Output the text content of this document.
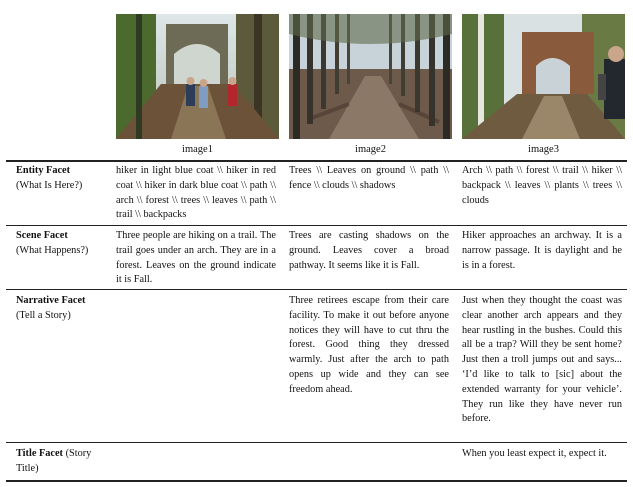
image1	image2	image3
Entity Facet
(What Is Here?)
hiker in light blue coat \\ hiker in red coat \\ hiker in dark blue coat \\ path \\ arch \\ forest \\ trees \\ leaves \\ path \\ trail \\ backpacks
Trees \\ Leaves on ground \\ path \\ fence \\ clouds \\ shadows
Arch \\ path \\ forest \\ trail \\ hiker \\ backpack \\ leaves \\ plants \\ trees \\ clouds
Scene Facet
(What Happens?)
Three people are hiking on a trail. The trail goes under an arch. They are in a forest. Leaves on the ground indicate it is Fall.
Trees are casting shadows on the ground. Leaves cover a broad pathway. It seems like it is Fall.
Hiker approaches an archway. It is a narrow passage. It is daylight and he is in a forest.
Narrative Facet
(Tell a Story)
Three retirees escape from their care facility. To make it out before anyone notices they will have to cut thru the forest. Good thing they dressed warmly. Just after the arch to path opens up wide and they can see freedom ahead.
Just when they thought the coast was clear another arch appears and they hear rustling in the bushes. Could this all be a trap? Will they be sent home? Just then a troll jumps out and says... ‘I’d like to talk to [sic] about the extended warranty for your vehicle’. They run like they have never run before.
Title Facet (Story Title)
When you least expect it, expect it.
